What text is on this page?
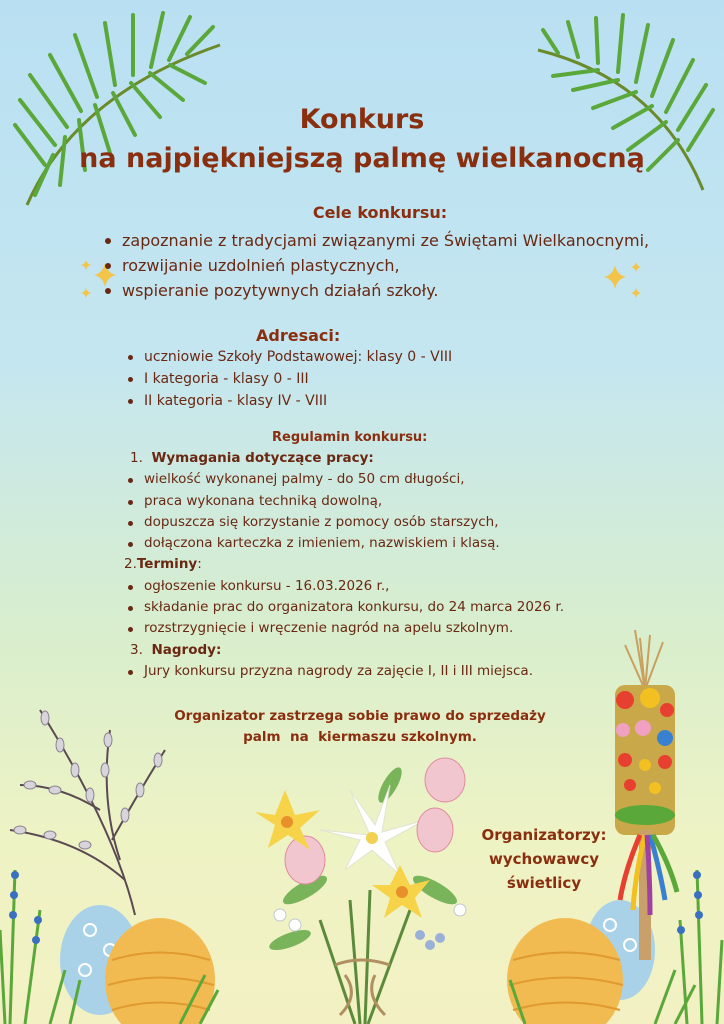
Konkurs
na najpiękniejszą palmę wielkanocną
Cele konkursu:
zapoznanie z tradycjami związanymi ze Świętami Wielkanocnymi,
rozwijanie uzdolnień plastycznych,
wspieranie pozytywnych działań szkoły.
Adresaci:
uczniowie Szkoły Podstawowej: klasy 0 - VIII
I kategoria - klasy 0 - III
II kategoria - klasy IV - VIII
Regulamin konkursu:
1. Wymagania dotyczące pracy:
wielkość wykonanej palmy - do 50 cm długości,
praca wykonana techniką dowolną,
dopuszcza się korzystanie z pomocy osób starszych,
dołączona karteczka z imieniem, nazwiskiem i klasą.
2.Terminy:
ogłoszenie konkursu - 16.03.2026 r.,
składanie prac do organizatora konkursu, do 24 marca 2026 r.
rozstrzygnięcie i wręczenie nagród na apelu szkolnym.
3. Nagrody:
Jury konkursu przyzna nagrody za zajęcie I, II i III miejsca.
Organizator zastrzega sobie prawo do sprzedaży
palm  na  kiermaszu szkolnym.
Organizatorzy:
wychowawcy
świetlicy
